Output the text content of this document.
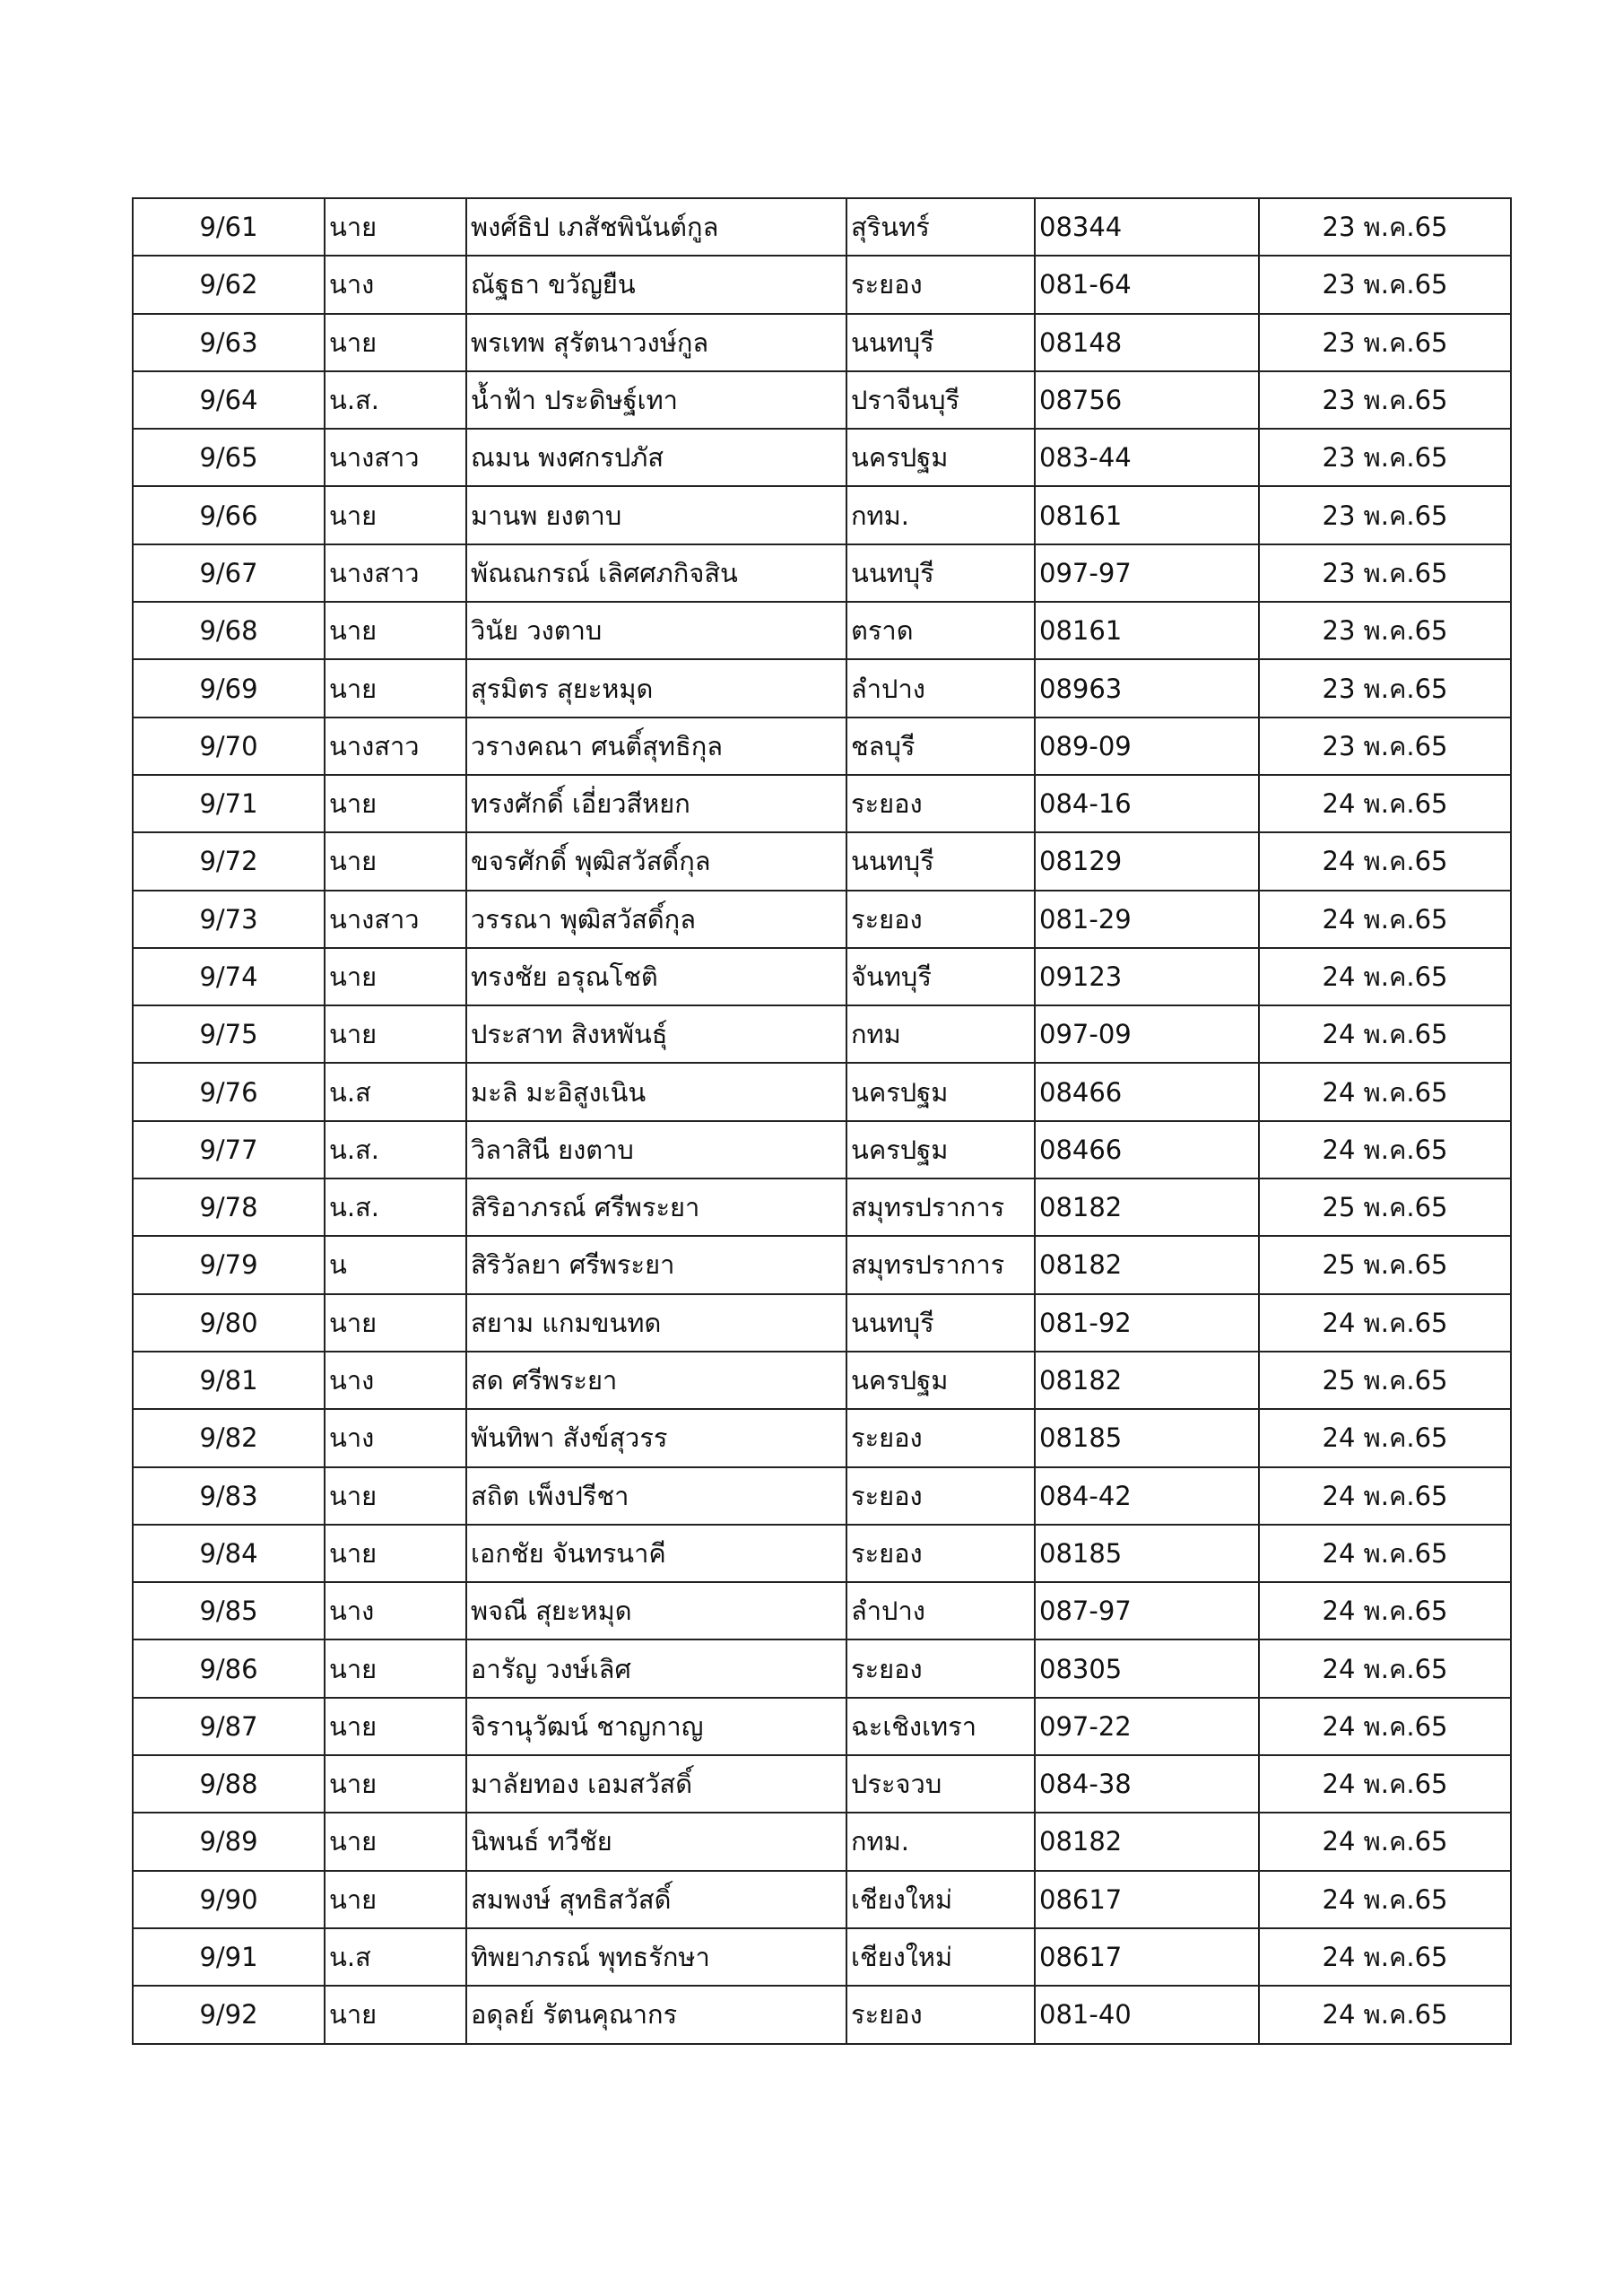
9/61	นาย	พงศ์ธิป เภสัชพินันต์กูล	สุรินทร์	08344	23 พ.ค.65
9/62	นาง	ณัฐธา ขวัญยืน	ระยอง	081-64	23 พ.ค.65
9/63	นาย	พรเทพ สุรัตนาวงษ์กูล	นนทบุรี	08148	23 พ.ค.65
9/64	น.ส.	น้ำฟ้า ประดิษฐ์เทา	ปราจีนบุรี	08756	23 พ.ค.65
9/65	นางสาว	ณมน พงศกรปภัส	นครปฐม	083-44	23 พ.ค.65
9/66	นาย	มานพ ยงตาบ	กทม.	08161	23 พ.ค.65
9/67	นางสาว	พัณณกรณ์ เลิศศภกิจสิน	นนทบุรี	097-97	23 พ.ค.65
9/68	นาย	วินัย วงตาบ	ตราด	08161	23 พ.ค.65
9/69	นาย	สุรมิตร สุยะหมุด	ลำปาง	08963	23 พ.ค.65
9/70	นางสาว	วรางคณา ศนติ์สุทธิกุล	ชลบุรี	089-09	23 พ.ค.65
9/71	นาย	ทรงศักดิ์ เอี่ยวสีหยก	ระยอง	084-16	24 พ.ค.65
9/72	นาย	ขจรศักดิ์ พุฒิสวัสดิ์กุล	นนทบุรี	08129	24 พ.ค.65
9/73	นางสาว	วรรณา พุฒิสวัสดิ์กุล	ระยอง	081-29	24 พ.ค.65
9/74	นาย	ทรงชัย อรุณโชติ	จันทบุรี	09123	24 พ.ค.65
9/75	นาย	ประสาท สิงหพันธุ์	กทม	097-09	24 พ.ค.65
9/76	น.ส	มะลิ มะอิสูงเนิน	นครปฐม	08466	24 พ.ค.65
9/77	น.ส.	วิลาสินี ยงตาบ	นครปฐม	08466	24 พ.ค.65
9/78	น.ส.	สิริอาภรณ์ ศรีพระยา	สมุทรปราการ	08182	25 พ.ค.65
9/79	น	สิริวัลยา ศรีพระยา	สมุทรปราการ	08182	25 พ.ค.65
9/80	นาย	สยาม แกมขนทด	นนทบุรี	081-92	24 พ.ค.65
9/81	นาง	สด ศรีพระยา	นครปฐม	08182	25 พ.ค.65
9/82	นาง	พันทิพา สังข์สุวรร	ระยอง	08185	24 พ.ค.65
9/83	นาย	สถิต เพ็งปรีชา	ระยอง	084-42	24 พ.ค.65
9/84	นาย	เอกชัย จันทรนาคี	ระยอง	08185	24 พ.ค.65
9/85	นาง	พจณี สุยะหมุด	ลำปาง	087-97	24 พ.ค.65
9/86	นาย	อารัญ วงษ์เลิศ	ระยอง	08305	24 พ.ค.65
9/87	นาย	จิรานุวัฒน์ ชาญกาญ	ฉะเชิงเทรา	097-22	24 พ.ค.65
9/88	นาย	มาลัยทอง เอมสวัสดิ์	ประจวบ	084-38	24 พ.ค.65
9/89	นาย	นิพนธ์ ทวีชัย	กทม.	08182	24 พ.ค.65
9/90	นาย	สมพงษ์ สุทธิสวัสดิ์	เชียงใหม่	08617	24 พ.ค.65
9/91	น.ส	ทิพยาภรณ์ พุทธรักษา	เชียงใหม่	08617	24 พ.ค.65
9/92	นาย	อดุลย์ รัตนคุณากร	ระยอง	081-40	24 พ.ค.65
